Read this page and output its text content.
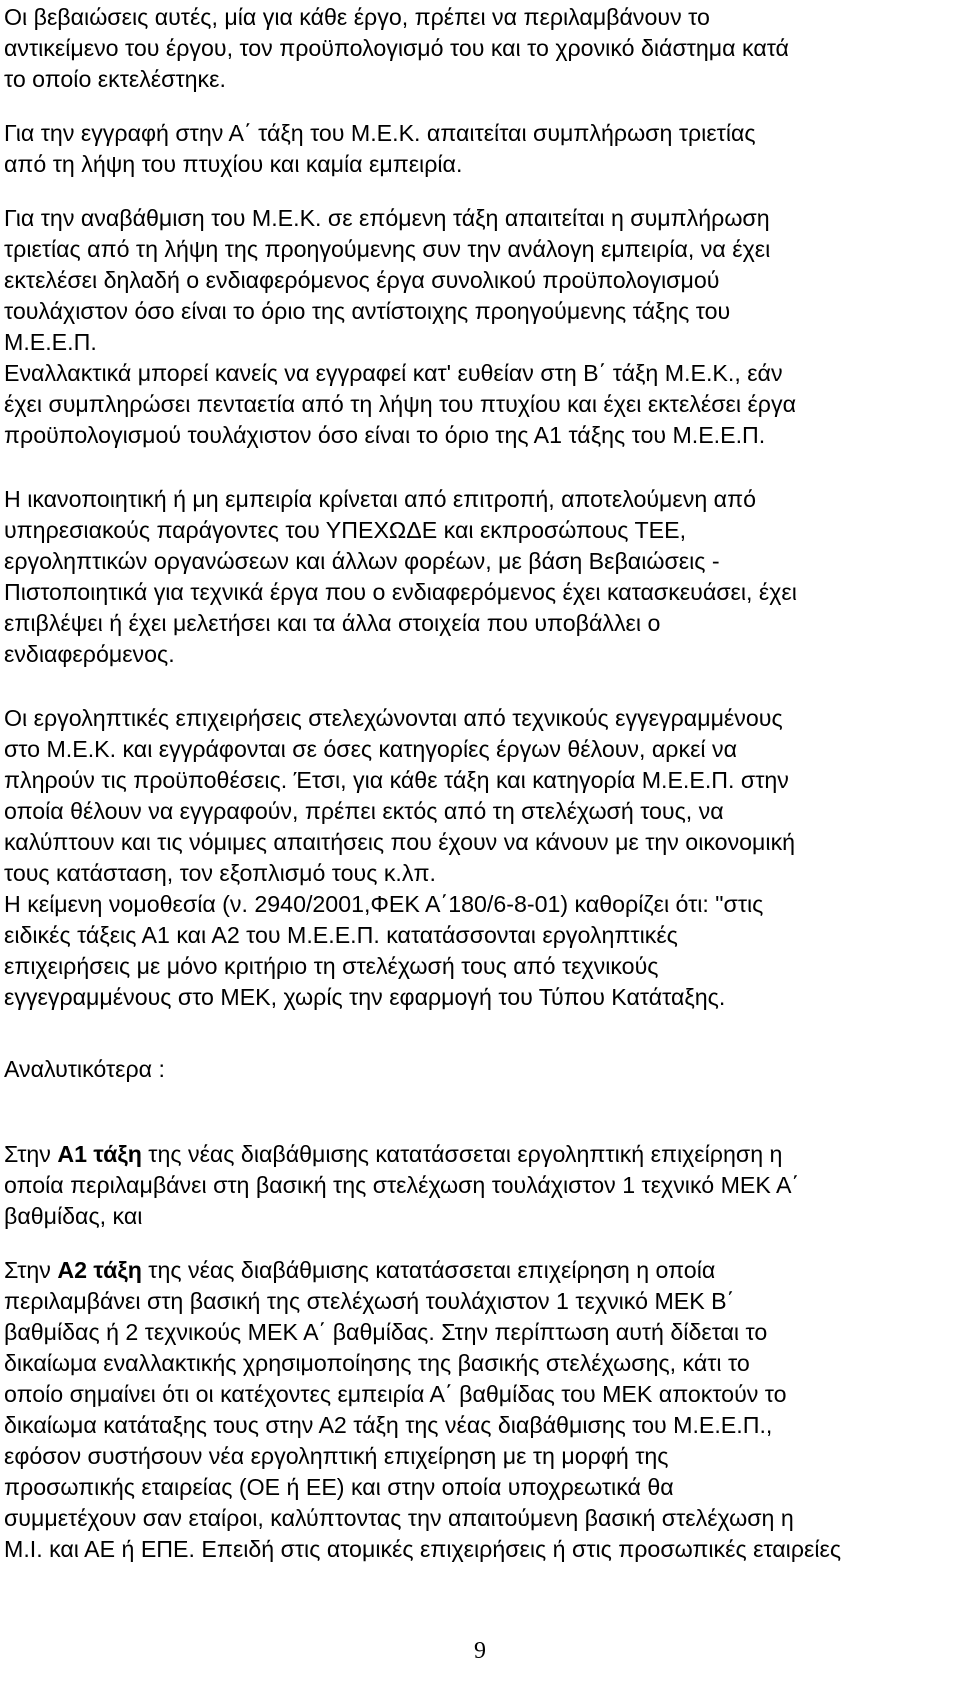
Οι βεβαιώσεις αυτές, μία για κάθε έργο, πρέπει να περιλαμβάνουν το
αντικείμενο του έργου, τον προϋπολογισμό του και το χρονικό διάστημα κατά
το οποίο εκτελέστηκε.

Για την εγγραφή στην Α΄ τάξη του Μ.Ε.Κ. απαιτείται συμπλήρωση τριετίας
από τη λήψη του πτυχίου και καμία εμπειρία.

Για την αναβάθμιση του Μ.Ε.Κ. σε επόμενη τάξη απαιτείται η συμπλήρωση
τριετίας από τη λήψη της προηγούμενης συν την ανάλογη εμπειρία, να έχει
εκτελέσει δηλαδή ο ενδιαφερόμενος έργα συνολικού προϋπολογισμού
τουλάχιστον όσο είναι το όριο της αντίστοιχης προηγούμενης τάξης του
Μ.Ε.Ε.Π.
Εναλλακτικά μπορεί κανείς να εγγραφεί κατ' ευθείαν στη Β΄ τάξη Μ.Ε.Κ., εάν
έχει συμπληρώσει πενταετία από τη λήψη του πτυχίου και έχει εκτελέσει έργα
προϋπολογισμού τουλάχιστον όσο είναι το όριο της Α1 τάξης του Μ.Ε.Ε.Π.

Η ικανοποιητική ή μη εμπειρία κρίνεται από επιτροπή, αποτελούμενη από
υπηρεσιακούς παράγοντες του ΥΠΕΧΩΔΕ και εκπροσώπους ΤΕΕ,
εργοληπτικών οργανώσεων και άλλων φορέων, με βάση Βεβαιώσεις -
Πιστοποιητικά για τεχνικά έργα που ο ενδιαφερόμενος έχει κατασκευάσει, έχει
επιβλέψει ή έχει μελετήσει και τα άλλα στοιχεία που υποβάλλει ο
ενδιαφερόμενος.

Οι εργοληπτικές επιχειρήσεις στελεχώνονται από τεχνικούς εγγεγραμμένους
στο Μ.Ε.Κ. και εγγράφονται σε όσες κατηγορίες έργων θέλουν, αρκεί να
πληρούν τις προϋποθέσεις. Έτσι, για κάθε τάξη και κατηγορία Μ.Ε.Ε.Π. στην
οποία θέλουν να εγγραφούν, πρέπει εκτός από τη στελέχωσή τους, να
καλύπτουν και τις νόμιμες απαιτήσεις που έχουν να κάνουν με την οικονομική
τους κατάσταση, τον εξοπλισμό τους κ.λπ.
Η κείμενη νομοθεσία (ν. 2940/2001,ΦΕΚ Α΄180/6-8-01) καθορίζει ότι: "στις
ειδικές τάξεις Α1 και Α2 του Μ.Ε.Ε.Π. κατατάσσονται εργοληπτικές
επιχειρήσεις με μόνο κριτήριο τη στελέχωσή τους από τεχνικούς
εγγεγραμμένους στο ΜΕΚ, χωρίς την εφαρμογή του Τύπου Κατάταξης.

Αναλυτικότερα :

Στην Α1 τάξη της νέας διαβάθμισης κατατάσσεται εργοληπτική επιχείρηση η
οποία περιλαμβάνει στη βασική της στελέχωση τουλάχιστον 1 τεχνικό ΜΕΚ Α΄
βαθμίδας, και

Στην Α2 τάξη της νέας διαβάθμισης κατατάσσεται επιχείρηση η οποία
περιλαμβάνει στη βασική της στελέχωσή τουλάχιστον 1 τεχνικό ΜΕΚ Β΄
βαθμίδας ή 2 τεχνικούς ΜΕΚ Α΄ βαθμίδας. Στην περίπτωση αυτή δίδεται το
δικαίωμα εναλλακτικής χρησιμοποίησης της βασικής στελέχωσης, κάτι το
οποίο σημαίνει ότι οι κατέχοντες εμπειρία Α΄ βαθμίδας του ΜΕΚ αποκτούν το
δικαίωμα κατάταξης τους στην Α2 τάξη της νέας διαβάθμισης του Μ.Ε.Ε.Π.,
εφόσον συστήσουν νέα εργοληπτική επιχείρηση με τη μορφή της
προσωπικής εταιρείας (ΟΕ ή ΕΕ) και στην οποία υποχρεωτικά θα
συμμετέχουν σαν εταίροι, καλύπτοντας την απαιτούμενη βασική στελέχωση η
Μ.Ι. και ΑΕ ή ΕΠΕ. Επειδή στις ατομικές επιχειρήσεις ή στις προσωπικές εταιρείες

9
